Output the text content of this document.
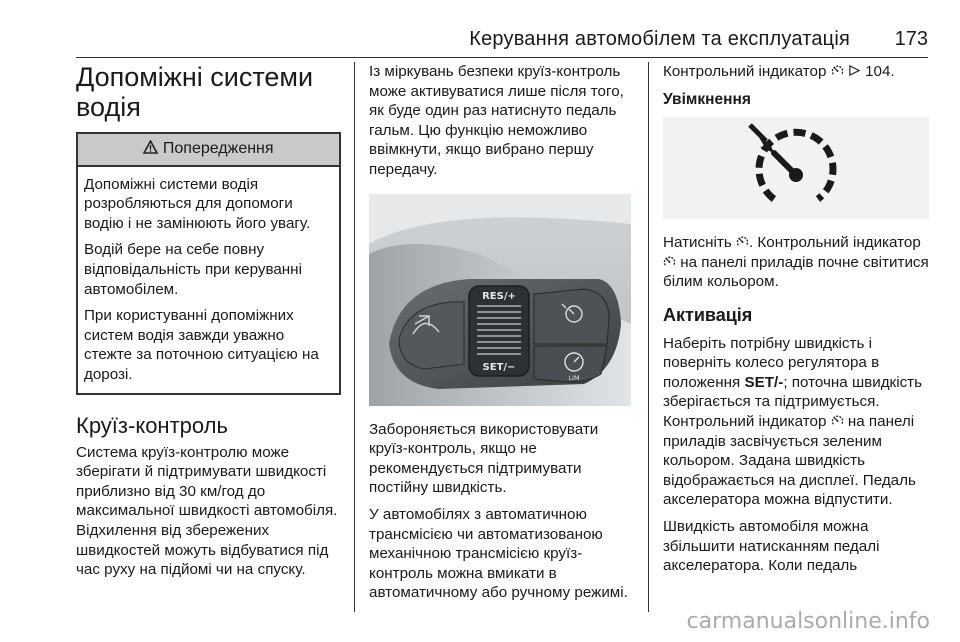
Керування автомобілем та експлуатація 173
Допоміжні системи
водія
Попередження

Допоміжні системи водія розробляються для допомоги водію і не замінюють його увагу.

Водій бере на себе повну відповідальність при керуванні автомобілем.

При користуванні допоміжних систем водія завжди уважно стежте за поточною ситуацією на дорозі.

Круїз-контроль

Система круїз-контролю може зберігати й підтримувати швидкості приблизно від 30 км/год до максимальної швидкості автомобіля. Відхилення від збережених швидкостей можуть відбуватися під час руху на підйомі чи на спуску.

Із міркувань безпеки круїз-контроль може активуватися лише після того, як буде один раз натиснуто педаль гальм. Цю функцію неможливо ввімкнути, якщо вибрано першу передачу.

RES/+
SET/−
LIM

Забороняється використовувати круїз-контроль, якщо не рекомендується підтримувати постійну швидкість.

У автомобілях з автоматичною трансмісією чи автоматизованою механічною трансмісією круїз-контроль можна вмикати в автоматичному або ручному режимі.

Контрольний індикатор   104.

Увімкнення

Натисніть . Контрольний індикатор  на панелі приладів почне світитися білим кольором.

Активація

Наберіть потрібну швидкість і поверніть колесо регулятора в положення SET/-; поточна швидкість зберігається та підтримується. Контрольний індикатор  на панелі приладів засвічується зеленим кольором. Задана швидкість відображається на дисплеї. Педаль акселератора можна відпустити.

Швидкість автомобіля можна збільшити натисканням педалі акселератора. Коли педаль

carmanualsonline.info
